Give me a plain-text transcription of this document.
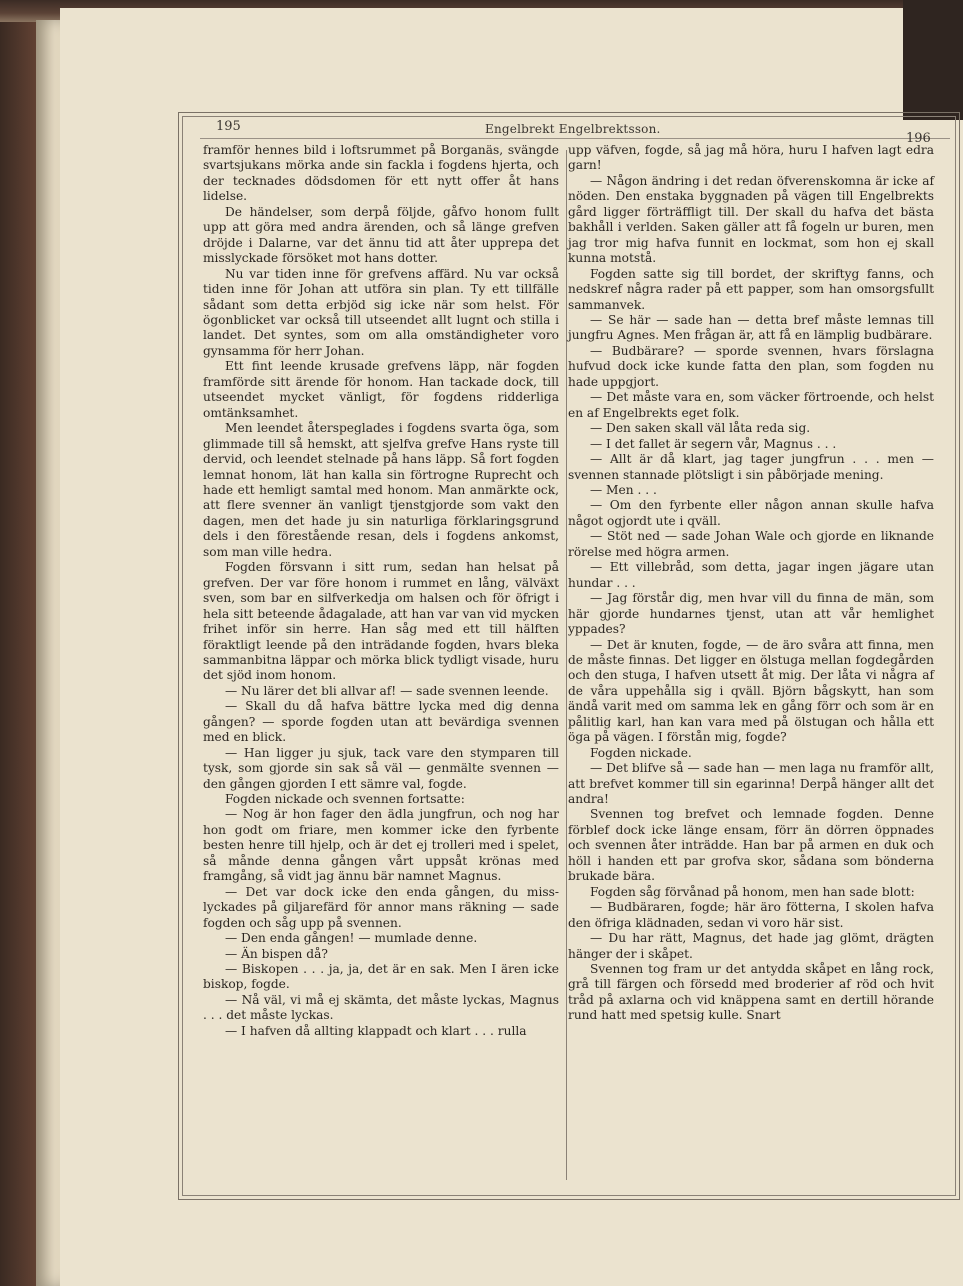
195	Engelbrekt Engelbrektsson.
196

framför hennes bild i loftsrummet på Borganäs, svängde svartsjukans mörka ande sin fackla i fogdens hjerta, och der tecknades dödsdomen för ett nytt offer åt hans lidelse.

De händelser, som derpå följde, gåfvo honom fullt upp att göra med andra ärenden, och så länge grefven dröjde i Dalarne, var det ännu tid att åter upprepa det misslyckade försöket mot hans dotter.

Nu var tiden inne för grefvens affärd. Nu var också tiden inne för Johan att utföra sin plan. Ty ett tillfälle sådant som detta erbjöd sig icke när som helst. För ögonblicket var också till utseendet allt lugnt och stilla i landet. Det syntes, som om alla omständigheter voro gynsamma för herr Johan.

Ett fint leende krusade grefvens läpp, när fogden framförde sitt ärende för honom. Han tackade dock, till utseendet mycket vänligt, för fogdens ridderliga omtänksamhet.

Men leendet återspeglades i fogdens svarta öga, som glimmade till så hemskt, att sjelfva grefve Hans ryste till dervid, och leendet stelnade på hans läpp. Så fort fogden lemnat honom, lät han kalla sin förtrogne Ruprecht och hade ett hemligt samtal med honom. Man anmärkte ock, att flere svenner än vanligt tjenstgjorde som vakt den dagen, men det hade ju sin naturliga förklaringsgrund dels i den förestående resan, dels i fogdens ankomst, som man ville hedra.

Fogden försvann i sitt rum, sedan han helsat på grefven. Der var före honom i rummet en lång, välväxt sven, som bar en silfverkedja om halsen och för öfrigt i hela sitt beteende ådagalade, att han var van vid mycken frihet inför sin herre. Han såg med ett till hälften föraktligt leende på den inträdande fogden, hvars bleka sammanbitna läppar och mörka blick tydligt visade, huru det sjöd inom honom.

— Nu lärer det bli allvar af! — sade svennen leende.

— Skall du då hafva bättre lycka med dig denna gången? — sporde fogden utan att bevärdiga svennen med en blick.

— Han ligger ju sjuk, tack vare den stymparen till tysk, som gjorde sin sak så väl — genmälte svennen — den gången gjorden I ett sämre val, fogde.

Fogden nickade och svennen fortsatte:

— Nog är hon fager den ädla jungfrun, och nog har hon godt om friare, men kommer icke den fyrbente besten henre till hjelp, och är det ej trolleri med i spelet, så månde denna gången vårt uppsåt krönas med framgång, så vidt jag ännu bär namnet Magnus.

— Det var dock icke den enda gången, du misslyckades på giljarefärd för annor mans räkning — sade fogden och såg upp på svennen.

— Den enda gången! — mumlade denne.

— Än bispen då?

— Biskopen . . . ja, ja, det är en sak. Men I ären icke biskop, fogde.

— Nå väl, vi må ej skämta, det måste lyckas, Magnus . . . det måste lyckas.

— I hafven då allting klappadt och klart . . . rulla

upp väfven, fogde, så jag må höra, huru I hafven lagt edra garn!

— Någon ändring i det redan öfverenskomna är icke af nöden. Den enstaka byggnaden på vägen till Engelbrekts gård ligger förträffligt till. Der skall du hafva det bästa bakhåll i verlden. Saken gäller att få fogeln ur buren, men jag tror mig hafva funnit en lockmat, som hon ej skall kunna motstå.

Fogden satte sig till bordet, der skriftyg fanns, och nedskref några rader på ett papper, som han omsorgsfullt sammanvek.

— Se här — sade han — detta bref måste lemnas till jungfru Agnes. Men frågan är, att få en lämplig budbärare.

— Budbärare? — sporde svennen, hvars förslagna hufvud dock icke kunde fatta den plan, som fogden nu hade uppgjort.

— Det måste vara en, som väcker förtroende, och helst en af Engelbrekts eget folk.

— Den saken skall väl låta reda sig.

— I det fallet är segern vår, Magnus . . .

— Allt är då klart, jag tager jungfrun . . . men — svennen stannade plötsligt i sin påbörjade mening.

— Men . . .

— Om den fyrbente eller någon annan skulle hafva något ogjordt ute i qväll.

— Stöt ned — sade Johan Wale och gjorde en liknande rörelse med högra armen.

— Ett villebråd, som detta, jagar ingen jägare utan hundar . . .

— Jag förstår dig, men hvar vill du finna de män, som här gjorde hundarnes tjenst, utan att vår hemlighet yppades?

— Det är knuten, fogde, — de äro svåra att finna, men de måste finnas. Det ligger en ölstuga mellan fogdegården och den stuga, I hafven utsett åt mig. Der låta vi några af de våra uppehålla sig i qväll. Björn bågskytt, han som ändå varit med om samma lek en gång förr och som är en pålitlig karl, han kan vara med på ölstugan och hålla ett öga på vägen. I förstån mig, fogde?

Fogden nickade.

— Det blifve så — sade han — men laga nu framför allt, att brefvet kommer till sin egarinna! Derpå hänger allt det andra!

Svennen tog brefvet och lemnade fogden. Denne förblef dock icke länge ensam, förr än dörren öppnades och svennen åter inträdde. Han bar på armen en duk och höll i handen ett par grofva skor, sådana som bönderna brukade bära.

Fogden såg förvånad på honom, men han sade blott:

— Budbäraren, fogde; här äro fötterna, I skolen hafva den öfriga klädnaden, sedan vi voro här sist.

— Du har rätt, Magnus, det hade jag glömt, drägten hänger der i skåpet.

Svennen tog fram ur det antydda skåpet en lång rock, grå till färgen och försedd med broderier af röd och hvit tråd på axlarna och vid knäppena samt en dertill hörande rund hatt med spetsig kulle. Snart
